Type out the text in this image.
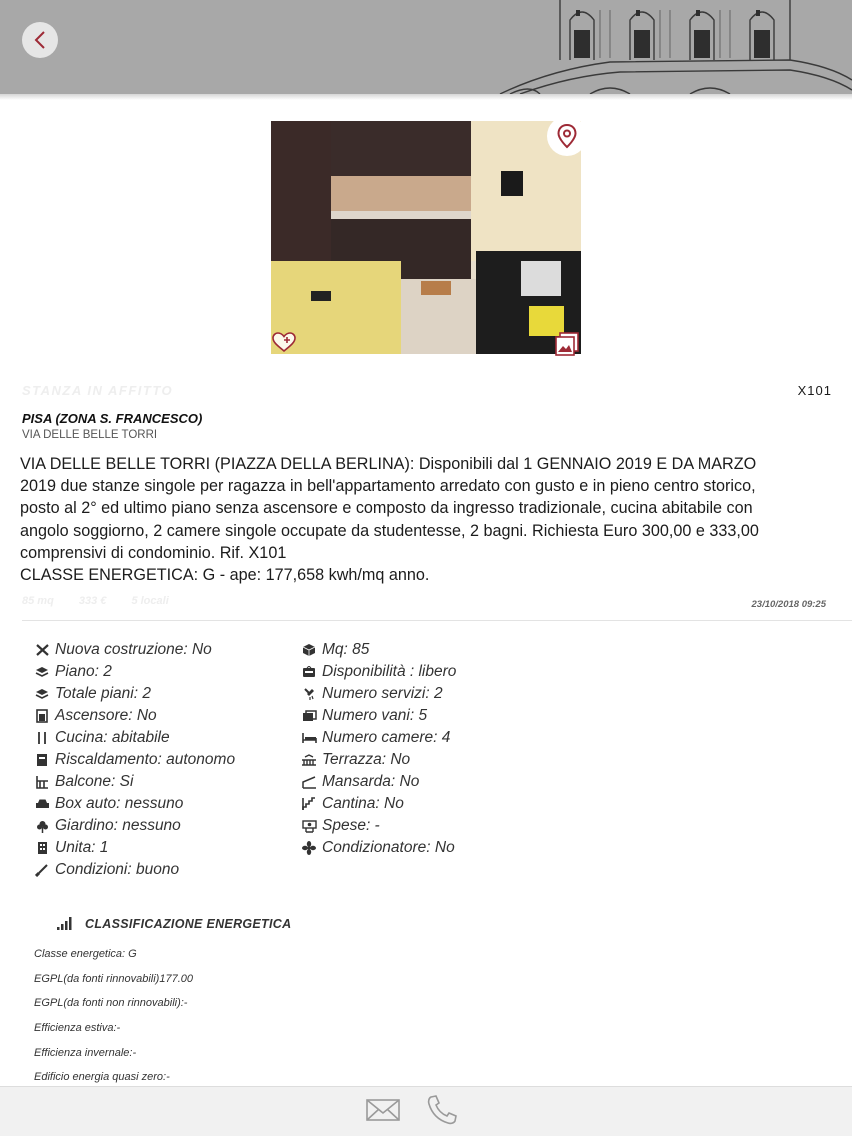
STANZA IN AFFITTO	X101
PISA (ZONA S. FRANCESCO)
VIA DELLE BELLE TORRI
VIA DELLE BELLE TORRI (PIAZZA DELLA BERLINA): Disponibili dal 1 GENNAIO 2019 E DA MARZO
2019 due stanze singole per ragazza in bell'appartamento arredato con gusto e in pieno centro storico,
posto al 2° ed ultimo piano senza ascensore e composto da ingresso tradizionale, cucina abitabile con
angolo soggiorno, 2 camere singole occupate da studentesse, 2 bagni. Richiesta Euro 300,00 e 333,00
comprensivi di condominio. Rif. X101
CLASSE ENERGETICA: G - ape: 177,658 kwh/mq anno.
85 mq 333 € 5 locali	23/10/2018 09:25
Nuova costruzione: No
Piano: 2
Totale piani: 2
Ascensore: No
Cucina: abitabile
Riscaldamento: autonomo
Balcone: Si
Box auto: nessuno
Giardino: nessuno
Unita: 1
Condizioni: buono
Mq: 85
Disponibilità : libero
Numero servizi: 2
Numero vani: 5
Numero camere: 4
Terrazza: No
Mansarda: No
Cantina: No
Spese: -
Condizionatore: No
CLASSIFICAZIONE ENERGETICA
Classe energetica: G
EGPL(da fonti rinnovabili)177.00
EGPL(da fonti non rinnovabili):-
Efficienza estiva:-
Efficienza invernale:-
Edificio energia quasi zero:-
